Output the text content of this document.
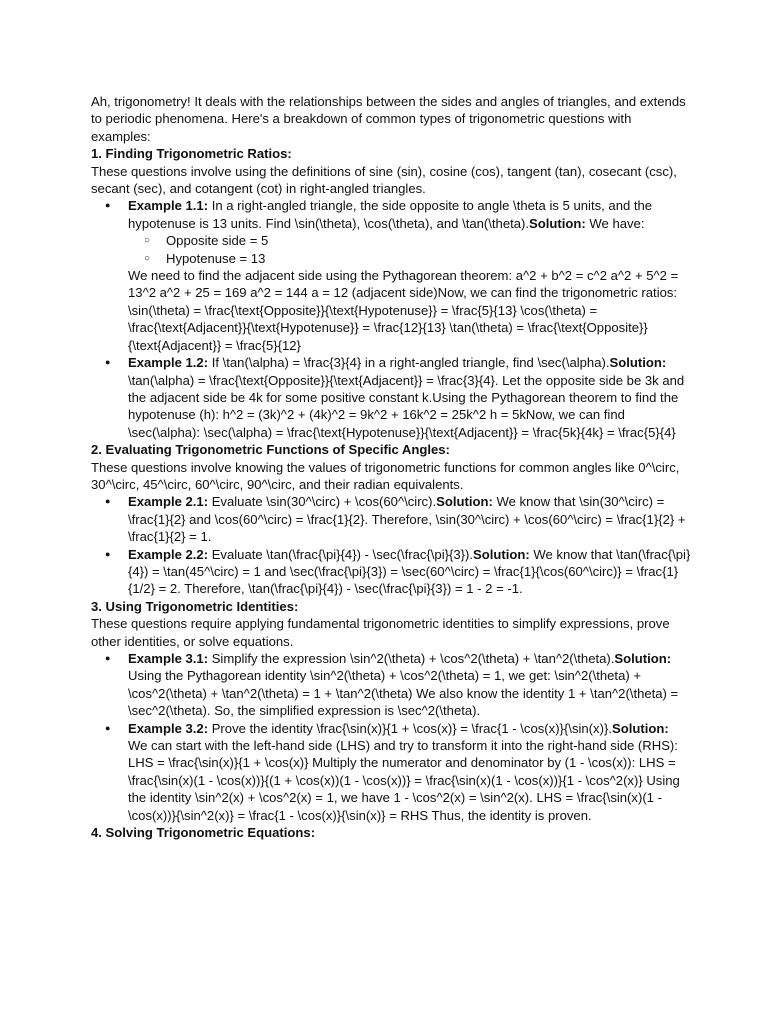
Ah, trigonometry! It deals with the relationships between the sides and angles of triangles, and extends to periodic phenomena. Here's a breakdown of common types of trigonometric questions with examples:

1. Finding Trigonometric Ratios:

These questions involve using the definitions of sine (sin), cosine (cos), tangent (tan), cosecant (csc), secant (sec), and cotangent (cot) in right-angled triangles.

● Example 1.1: In a right-angled triangle, the side opposite to angle \theta is 5 units, and the hypotenuse is 13 units. Find \sin(\theta), \cos(\theta), and \tan(\theta).Solution: We have:
○ Opposite side = 5
○ Hypotenuse = 13
We need to find the adjacent side using the Pythagorean theorem: a^2 + b^2 = c^2 a^2 + 5^2 = 13^2 a^2 + 25 = 169 a^2 = 144 a = 12 (adjacent side)Now, we can find the trigonometric ratios: \sin(\theta) = \frac{\text{Opposite}}{\text{Hypotenuse}} = \frac{5}{13} \cos(\theta) = \frac{\text{Adjacent}}{\text{Hypotenuse}} = \frac{12}{13} \tan(\theta) = \frac{\text{Opposite}}{\text{Adjacent}} = \frac{5}{12}
● Example 1.2: If \tan(\alpha) = \frac{3}{4} in a right-angled triangle, find \sec(\alpha).Solution: \tan(\alpha) = \frac{\text{Opposite}}{\text{Adjacent}} = \frac{3}{4}. Let the opposite side be 3k and the adjacent side be 4k for some positive constant k.Using the Pythagorean theorem to find the hypotenuse (h): h^2 = (3k)^2 + (4k)^2 = 9k^2 + 16k^2 = 25k^2 h = 5kNow, we can find \sec(\alpha): \sec(\alpha) = \frac{\text{Hypotenuse}}{\text{Adjacent}} = \frac{5k}{4k} = \frac{5}{4}

2. Evaluating Trigonometric Functions of Specific Angles:

These questions involve knowing the values of trigonometric functions for common angles like 0^\circ, 30^\circ, 45^\circ, 60^\circ, 90^\circ, and their radian equivalents.

● Example 2.1: Evaluate \sin(30^\circ) + \cos(60^\circ).Solution: We know that \sin(30^\circ) = \frac{1}{2} and \cos(60^\circ) = \frac{1}{2}. Therefore, \sin(30^\circ) + \cos(60^\circ) = \frac{1}{2} + \frac{1}{2} = 1.
● Example 2.2: Evaluate \tan(\frac{\pi}{4}) - \sec(\frac{\pi}{3}).Solution: We know that \tan(\frac{\pi}{4}) = \tan(45^\circ) = 1 and \sec(\frac{\pi}{3}) = \sec(60^\circ) = \frac{1}{\cos(60^\circ)} = \frac{1}{1/2} = 2. Therefore, \tan(\frac{\pi}{4}) - \sec(\frac{\pi}{3}) = 1 - 2 = -1.

3. Using Trigonometric Identities:

These questions require applying fundamental trigonometric identities to simplify expressions, prove other identities, or solve equations.

● Example 3.1: Simplify the expression \sin^2(\theta) + \cos^2(\theta) + \tan^2(\theta).Solution: Using the Pythagorean identity \sin^2(\theta) + \cos^2(\theta) = 1, we get: \sin^2(\theta) + \cos^2(\theta) + \tan^2(\theta) = 1 + \tan^2(\theta) We also know the identity 1 + \tan^2(\theta) = \sec^2(\theta). So, the simplified expression is \sec^2(\theta).
● Example 3.2: Prove the identity \frac{\sin(x)}{1 + \cos(x)} = \frac{1 - \cos(x)}{\sin(x)}.Solution: We can start with the left-hand side (LHS) and try to transform it into the right-hand side (RHS): LHS = \frac{\sin(x)}{1 + \cos(x)} Multiply the numerator and denominator by (1 - \cos(x)): LHS = \frac{\sin(x)(1 - \cos(x))}{(1 + \cos(x))(1 - \cos(x))} = \frac{\sin(x)(1 - \cos(x))}{1 - \cos^2(x)} Using the identity \sin^2(x) + \cos^2(x) = 1, we have 1 - \cos^2(x) = \sin^2(x). LHS = \frac{\sin(x)(1 - \cos(x))}{\sin^2(x)} = \frac{1 - \cos(x)}{\sin(x)} = RHS Thus, the identity is proven.

4. Solving Trigonometric Equations:
